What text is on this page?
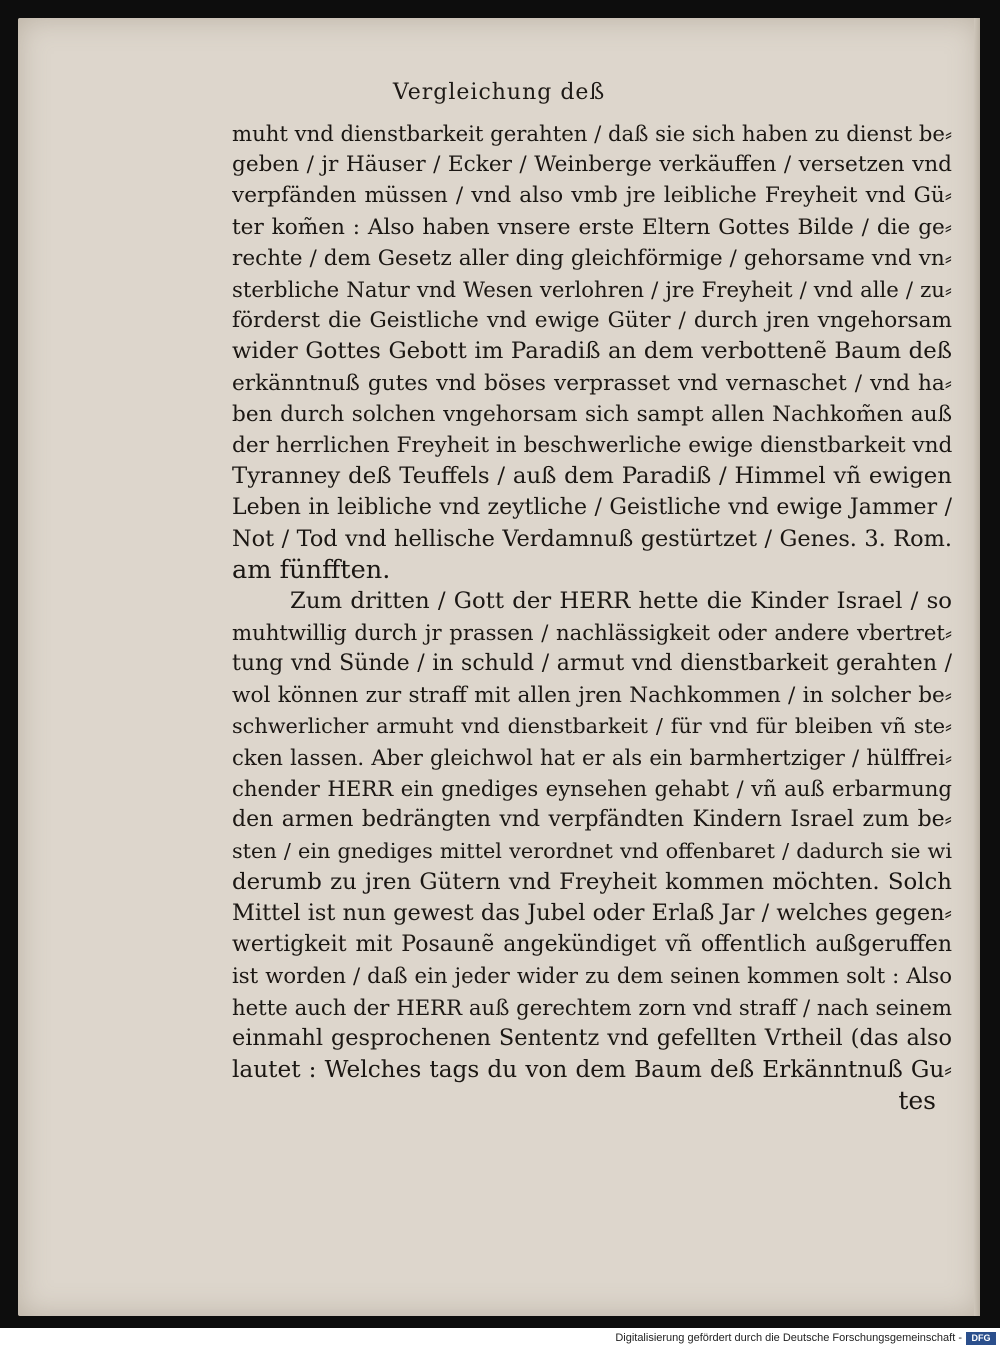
Vergleichung deß
muht vnd dienstbarkeit gerahten / daß sie sich haben zu dienst be⸗
geben / jr Häuser / Ecker / Weinberge verkäuffen / versetzen vnd
verpfänden müssen / vnd also vmb jre leibliche Freyheit vnd Gü⸗
ter kom̃en : Also haben vnsere erste Eltern Gottes Bilde / die ge⸗
rechte / dem Gesetz aller ding gleichförmige / gehorsame vnd vn⸗
sterbliche Natur vnd Wesen verlohren / jre Freyheit / vnd alle / zu⸗
förderst die Geistliche vnd ewige Güter / durch jren vngehorsam
wider Gottes Gebott im Paradiß an dem verbottenẽ Baum deß
erkänntnuß gutes vnd böses verprasset vnd vernaschet / vnd ha⸗
ben durch solchen vngehorsam sich sampt allen Nachkom̃en auß
der herrlichen Freyheit in beschwerliche ewige dienstbarkeit vnd
Tyranney deß Teuffels / auß dem Paradiß / Himmel vñ ewigen
Leben in leibliche vnd zeytliche / Geistliche vnd ewige Jammer /
Not / Tod vnd hellische Verdamnuß gestürtzet / Genes. 3. Rom.
am fünfften.
Zum dritten / Gott der HERR hette die Kinder Israel / so
muhtwillig durch jr prassen / nachlässigkeit oder andere vbertret⸗
tung vnd Sünde / in schuld / armut vnd dienstbarkeit gerahten /
wol können zur straff mit allen jren Nachkommen / in solcher be⸗
schwerlicher armuht vnd dienstbarkeit / für vnd für bleiben vñ ste⸗
cken lassen. Aber gleichwol hat er als ein barmhertziger / hülffrei⸗
chender HERR ein gnediges eynsehen gehabt / vñ auß erbarmung
den armen bedrängten vnd verpfändten Kindern Israel zum be⸗
sten / ein gnediges mittel verordnet vnd offenbaret / dadurch sie wi
derumb zu jren Gütern vnd Freyheit kommen möchten. Solch
Mittel ist nun gewest das Jubel oder Erlaß Jar / welches gegen⸗
wertigkeit mit Posaunẽ angekündiget vñ offentlich außgeruffen
ist worden / daß ein jeder wider zu dem seinen kommen solt : Also
hette auch der HERR auß gerechtem zorn vnd straff / nach seinem
einmahl gesprochenen Sententz vnd gefellten Vrtheil (das also
lautet : Welches tags du von dem Baum deß Erkänntnuß Gu⸗
tes
Digitalisierung gefördert durch die Deutsche Forschungsgemeinschaft -	DFG
